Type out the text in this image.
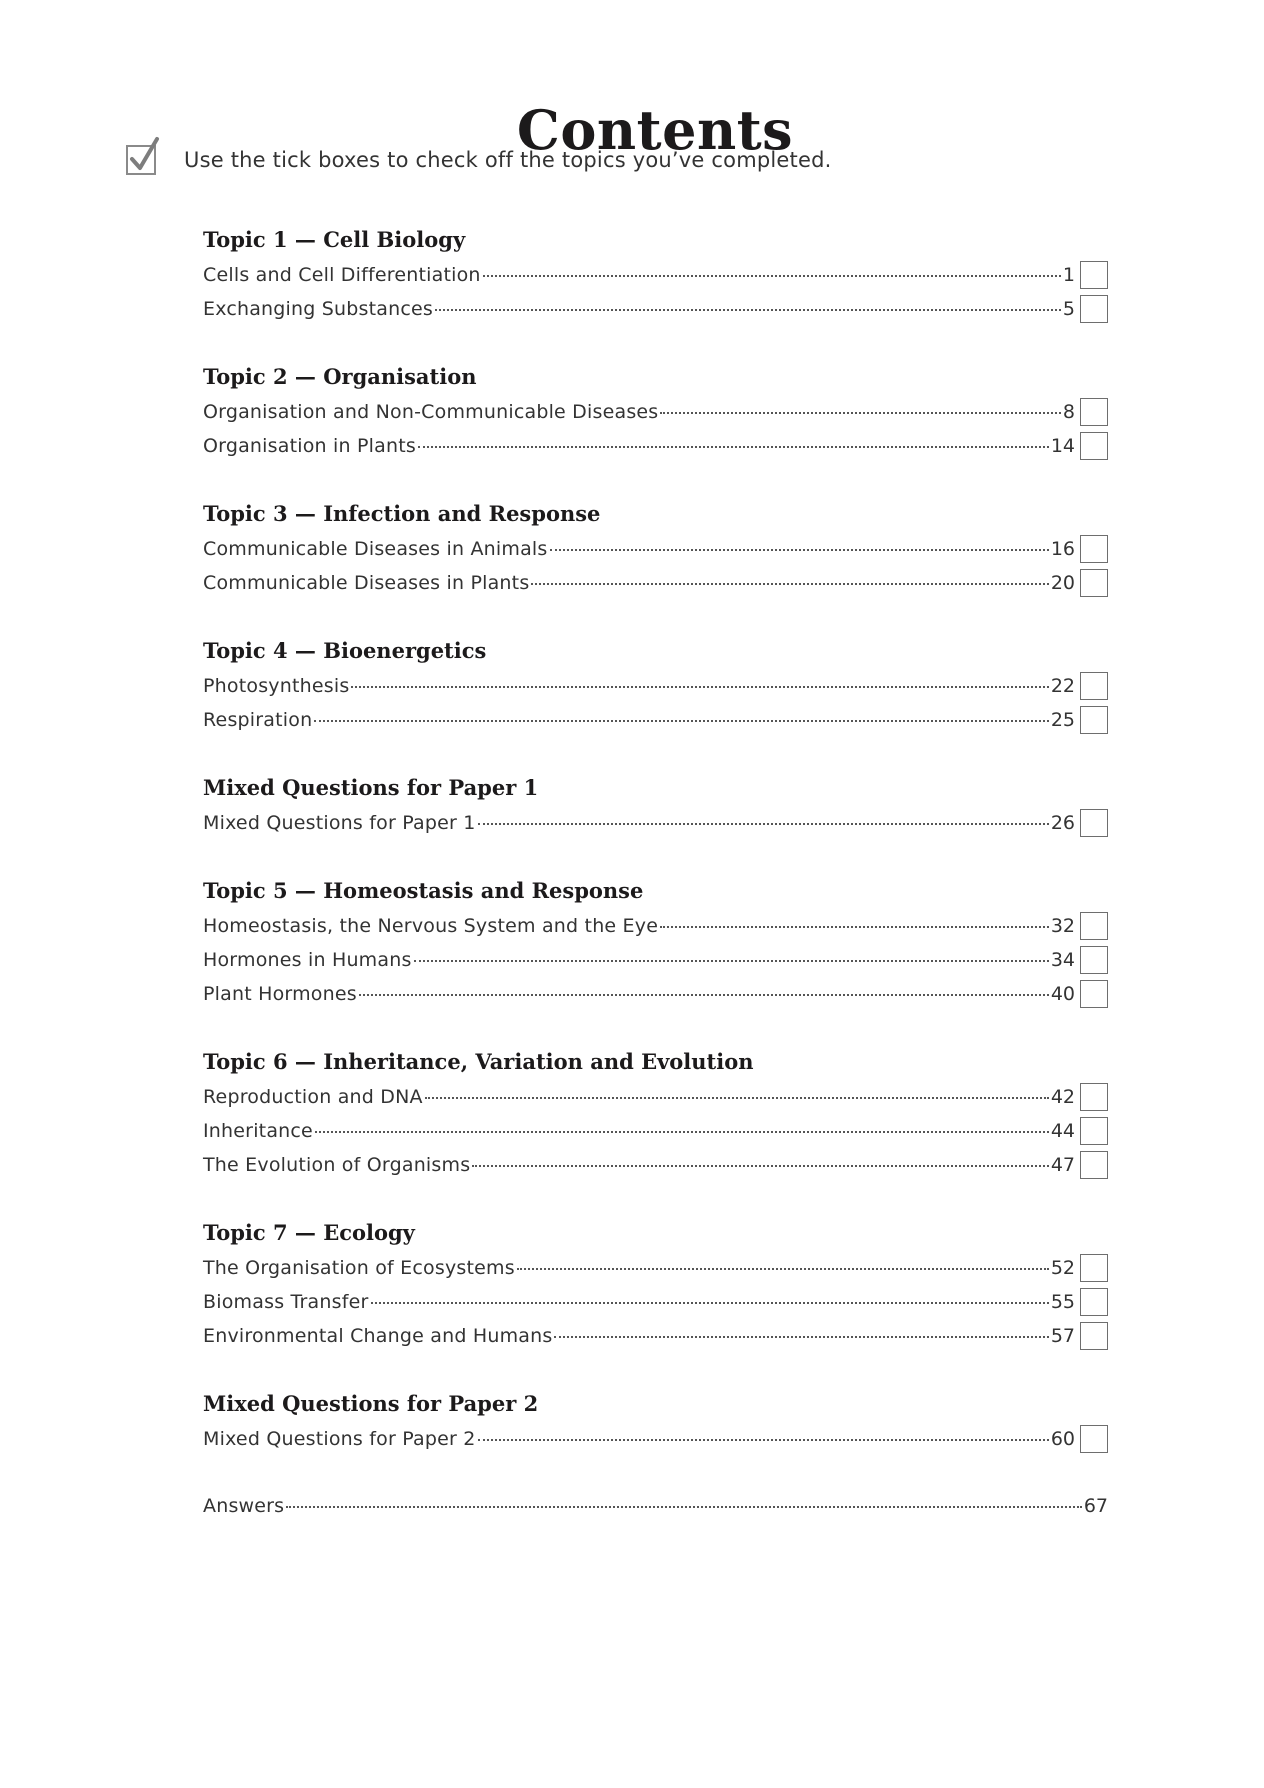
Contents
Use the tick boxes to check off the topics you’ve completed.
Topic 1 — Cell Biology
Cells and Cell Differentiation	1
Exchanging Substances	5
Topic 2 — Organisation
Organisation and Non-Communicable Diseases	8
Organisation in Plants	14
Topic 3 — Infection and Response
Communicable Diseases in Animals	16
Communicable Diseases in Plants	20
Topic 4 — Bioenergetics
Photosynthesis	22
Respiration	25
Mixed Questions for Paper 1
Mixed Questions for Paper 1	26
Topic 5 — Homeostasis and Response
Homeostasis, the Nervous System and the Eye	32
Hormones in Humans	34
Plant Hormones	40
Topic 6 — Inheritance, Variation and Evolution
Reproduction and DNA	42
Inheritance	44
The Evolution of Organisms	47
Topic 7 — Ecology
The Organisation of Ecosystems	52
Biomass Transfer	55
Environmental Change and Humans	57
Mixed Questions for Paper 2
Mixed Questions for Paper 2	60
Answers	67
